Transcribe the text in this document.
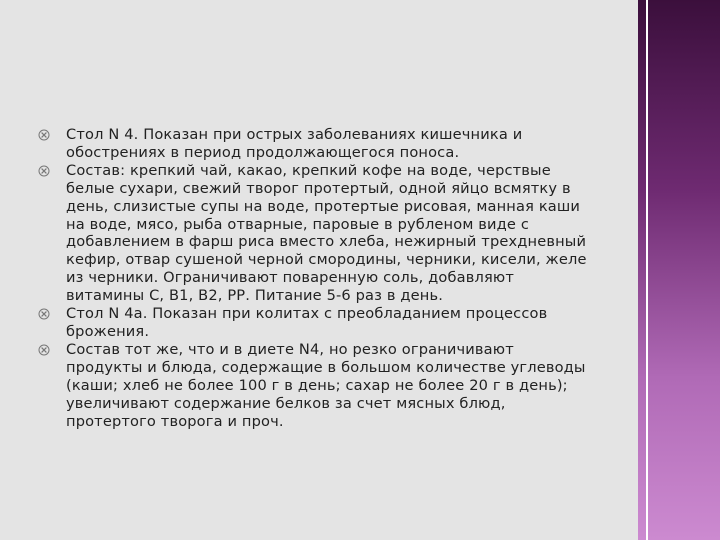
Стол N 4. Показан при острых заболеваниях кишечника и обострениях в период продолжающегося поноса.
Состав: крепкий чай, какао, крепкий кофе на воде, черствые белые сухари, свежий творог протертый, одной яйцо всмятку в день, слизистые супы на воде, протертые рисовая, манная каши на воде, мясо, рыба отварные, паровые в рубленом виде с добавлением в фарш риса вместо хлеба, нежирный трехдневный кефир, отвар сушеной черной смородины, черники, кисели, желе из черники. Ограничивают поваренную соль, добавляют витамины С, В1, В2, РР. Питание 5-6 раз в день.
Стол N 4а. Показан при колитах с преобладанием процессов брожения.
Состав тот же, что и в диете N4, но резко ограничивают продукты и блюда, содержащие в большом количестве углеводы (каши; хлеб не более 100 г в день; сахар не более 20 г в день); увеличивают содержание белков за счет мясных блюд, протертого творога и проч.
